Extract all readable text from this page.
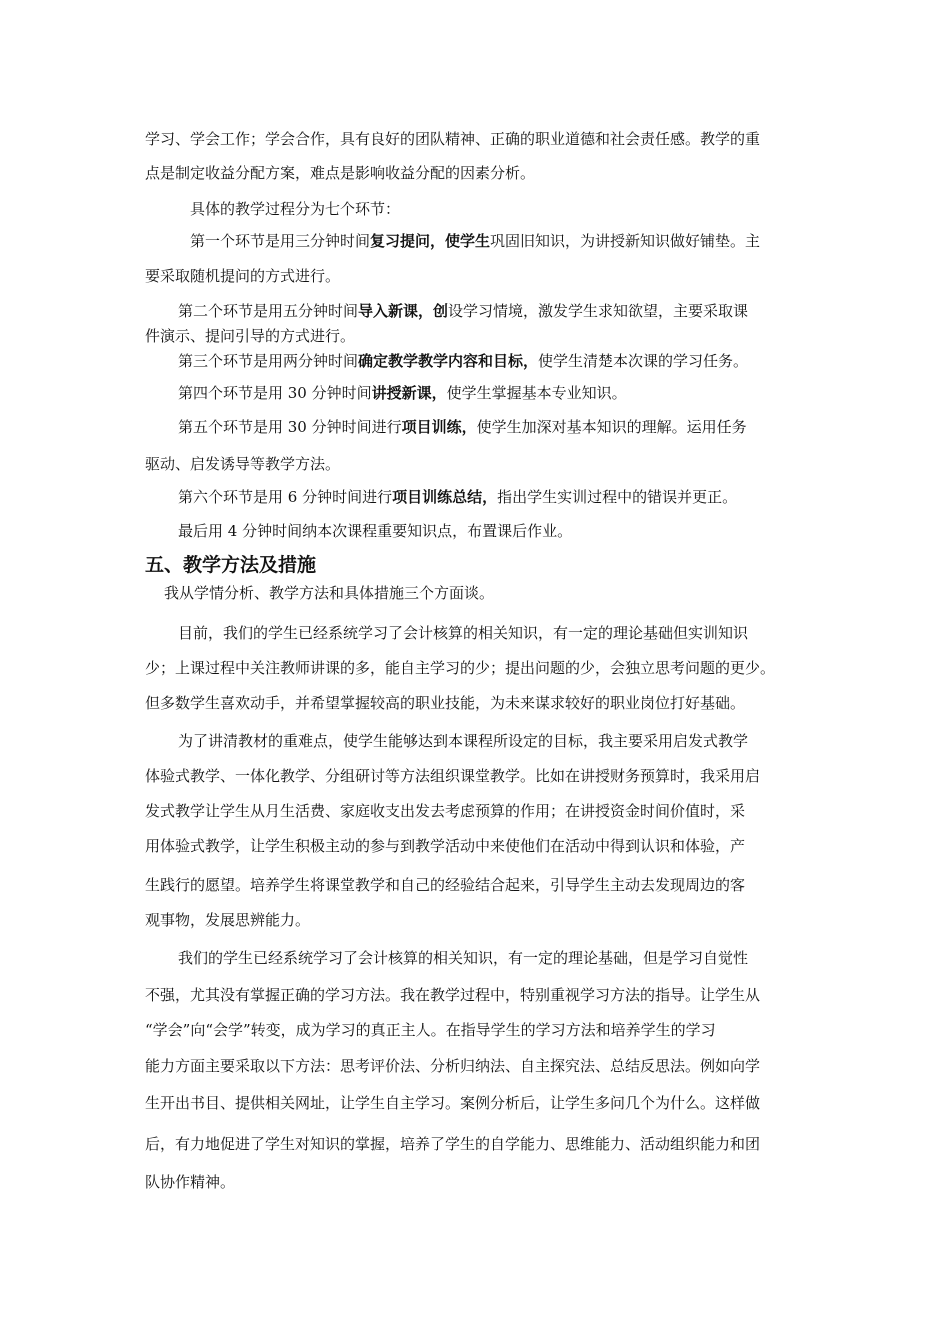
学习、学会工作；学会合作，具有良好的团队精神、正确的职业道德和社会责任感。教学的重
点是制定收益分配方案，难点是影响收益分配的因素分析。
具体的教学过程分为七个环节：
第一个环节是用三分钟时间复习提问，使学生巩固旧知识，为讲授新知识做好铺垫。主
要采取随机提问的方式进行。
第二个环节是用五分钟时间导入新课，创设学习情境，激发学生求知欲望，主要采取课
件演示、提问引导的方式进行。
第三个环节是用两分钟时间确定教学教学内容和目标，使学生清楚本次课的学习任务。
第四个环节是用 30 分钟时间讲授新课，使学生掌握基本专业知识。
第五个环节是用 30 分钟时间进行项目训练，使学生加深对基本知识的理解。运用任务
驱动、启发诱导等教学方法。
第六个环节是用 6 分钟时间进行项目训练总结，指出学生实训过程中的错误并更正。
最后用 4 分钟时间纳本次课程重要知识点，布置课后作业。
五、教学方法及措施
我从学情分析、教学方法和具体措施三个方面谈。
目前，我们的学生已经系统学习了会计核算的相关知识，有一定的理论基础但实训知识
少；上课过程中关注教师讲课的多，能自主学习的少；提出问题的少，会独立思考问题的更少。
但多数学生喜欢动手，并希望掌握较高的职业技能，为未来谋求较好的职业岗位打好基础。
为了讲清教材的重难点，使学生能够达到本课程所设定的目标，我主要采用启发式教学
体验式教学、一体化教学、分组研讨等方法组织课堂教学。比如在讲授财务预算时，我采用启
发式教学让学生从月生活费、家庭收支出发去考虑预算的作用；在讲授资金时间价值时，采
用体验式教学，让学生积极主动的参与到教学活动中来使他们在活动中得到认识和体验，产
生践行的愿望。培养学生将课堂教学和自己的经验结合起来，引导学生主动去发现周边的客
观事物，发展思辨能力。
我们的学生已经系统学习了会计核算的相关知识，有一定的理论基础，但是学习自觉性
不强，尤其没有掌握正确的学习方法。我在教学过程中，特别重视学习方法的指导。让学生从
“学会”向“会学”转变，成为学习的真正主人。在指导学生的学习方法和培养学生的学习
能力方面主要采取以下方法：思考评价法、分析归纳法、自主探究法、总结反思法。例如向学
生开出书目、提供相关网址，让学生自主学习。案例分析后，让学生多问几个为什么。这样做
后，有力地促进了学生对知识的掌握，培养了学生的自学能力、思维能力、活动组织能力和团
队协作精神。
